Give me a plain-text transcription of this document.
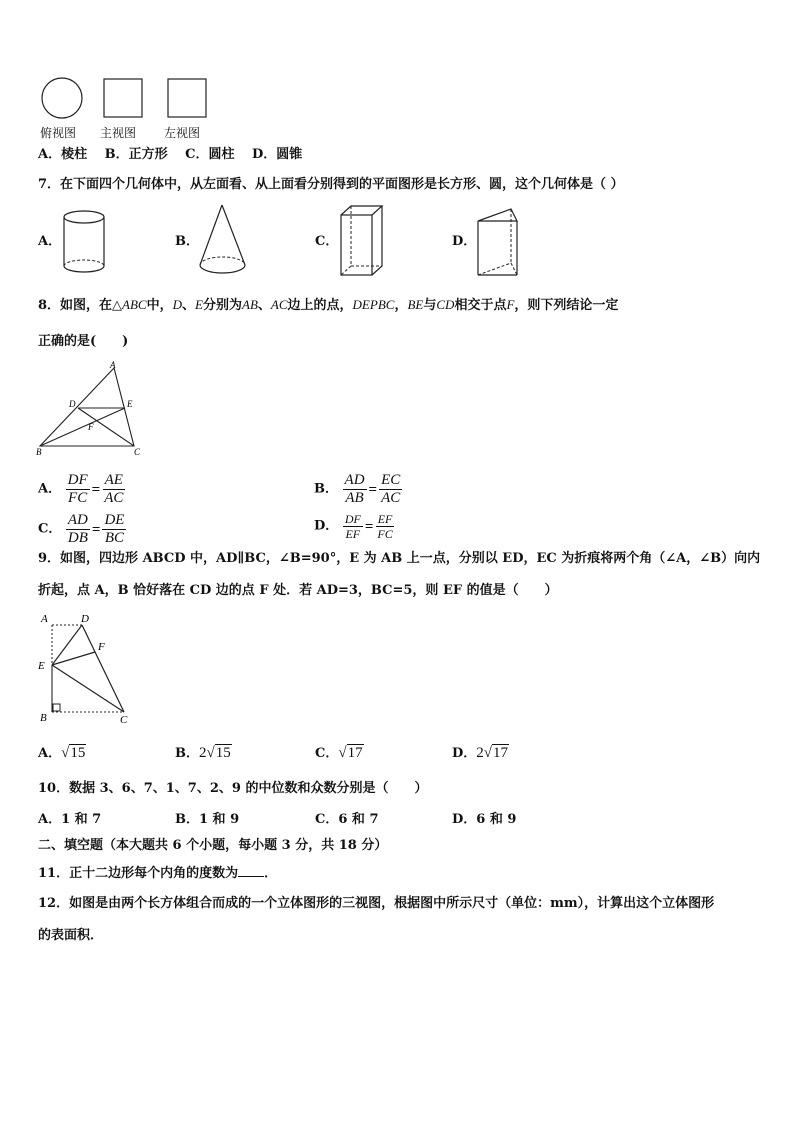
俯视图 主视图 左视图
A．棱柱　 B．正方形　 C．圆柱　 D．圆锥
7．在下面四个几何体中，从左面看、从上面看分别得到的平面图形是长方形、圆，这个几何体是（ ）
A．	B．	C．	D．
8．如图，在△ABC中，D、E分别为AB、AC边上的点，DEPBC，BE与CD相交于点F，则下列结论一定
正确的是(　　)
A
D	E
F
B	C
A． $\frac{DF}{FC} = \frac{AE}{AC}$	B． $\frac{AD}{AB} = \frac{EC}{AC}$
C． $\frac{AD}{DB} = \frac{DE}{BC}$	D． $\frac{DF}{EF} = \frac{EF}{FC}$
9．如图，四边形 ABCD 中，AD∥BC，∠B=90°，E 为 AB 上一点，分别以 ED，EC 为折痕将两个角（∠A，∠B）向内
折起，点 A，B 恰好落在 CD 边的点 F 处．若 AD=3，BC=5，则 EF 的值是（　　）
A	D
F
E
B	C
A．√15	B．2√15	C．√17	D．2√17
10．数据 3、6、7、1、7、2、9 的中位数和众数分别是（　　）
A．1 和 7	B．1 和 9	C．6 和 7	D．6 和 9
二、填空题（本大题共 6 个小题，每小题 3 分，共 18 分）
11．正十二边形每个内角的度数为 ．
12．如图是由两个长方体组合而成的一个立体图形的三视图，根据图中所示尺寸（单位：mm），计算出这个立体图形
的表面积．
